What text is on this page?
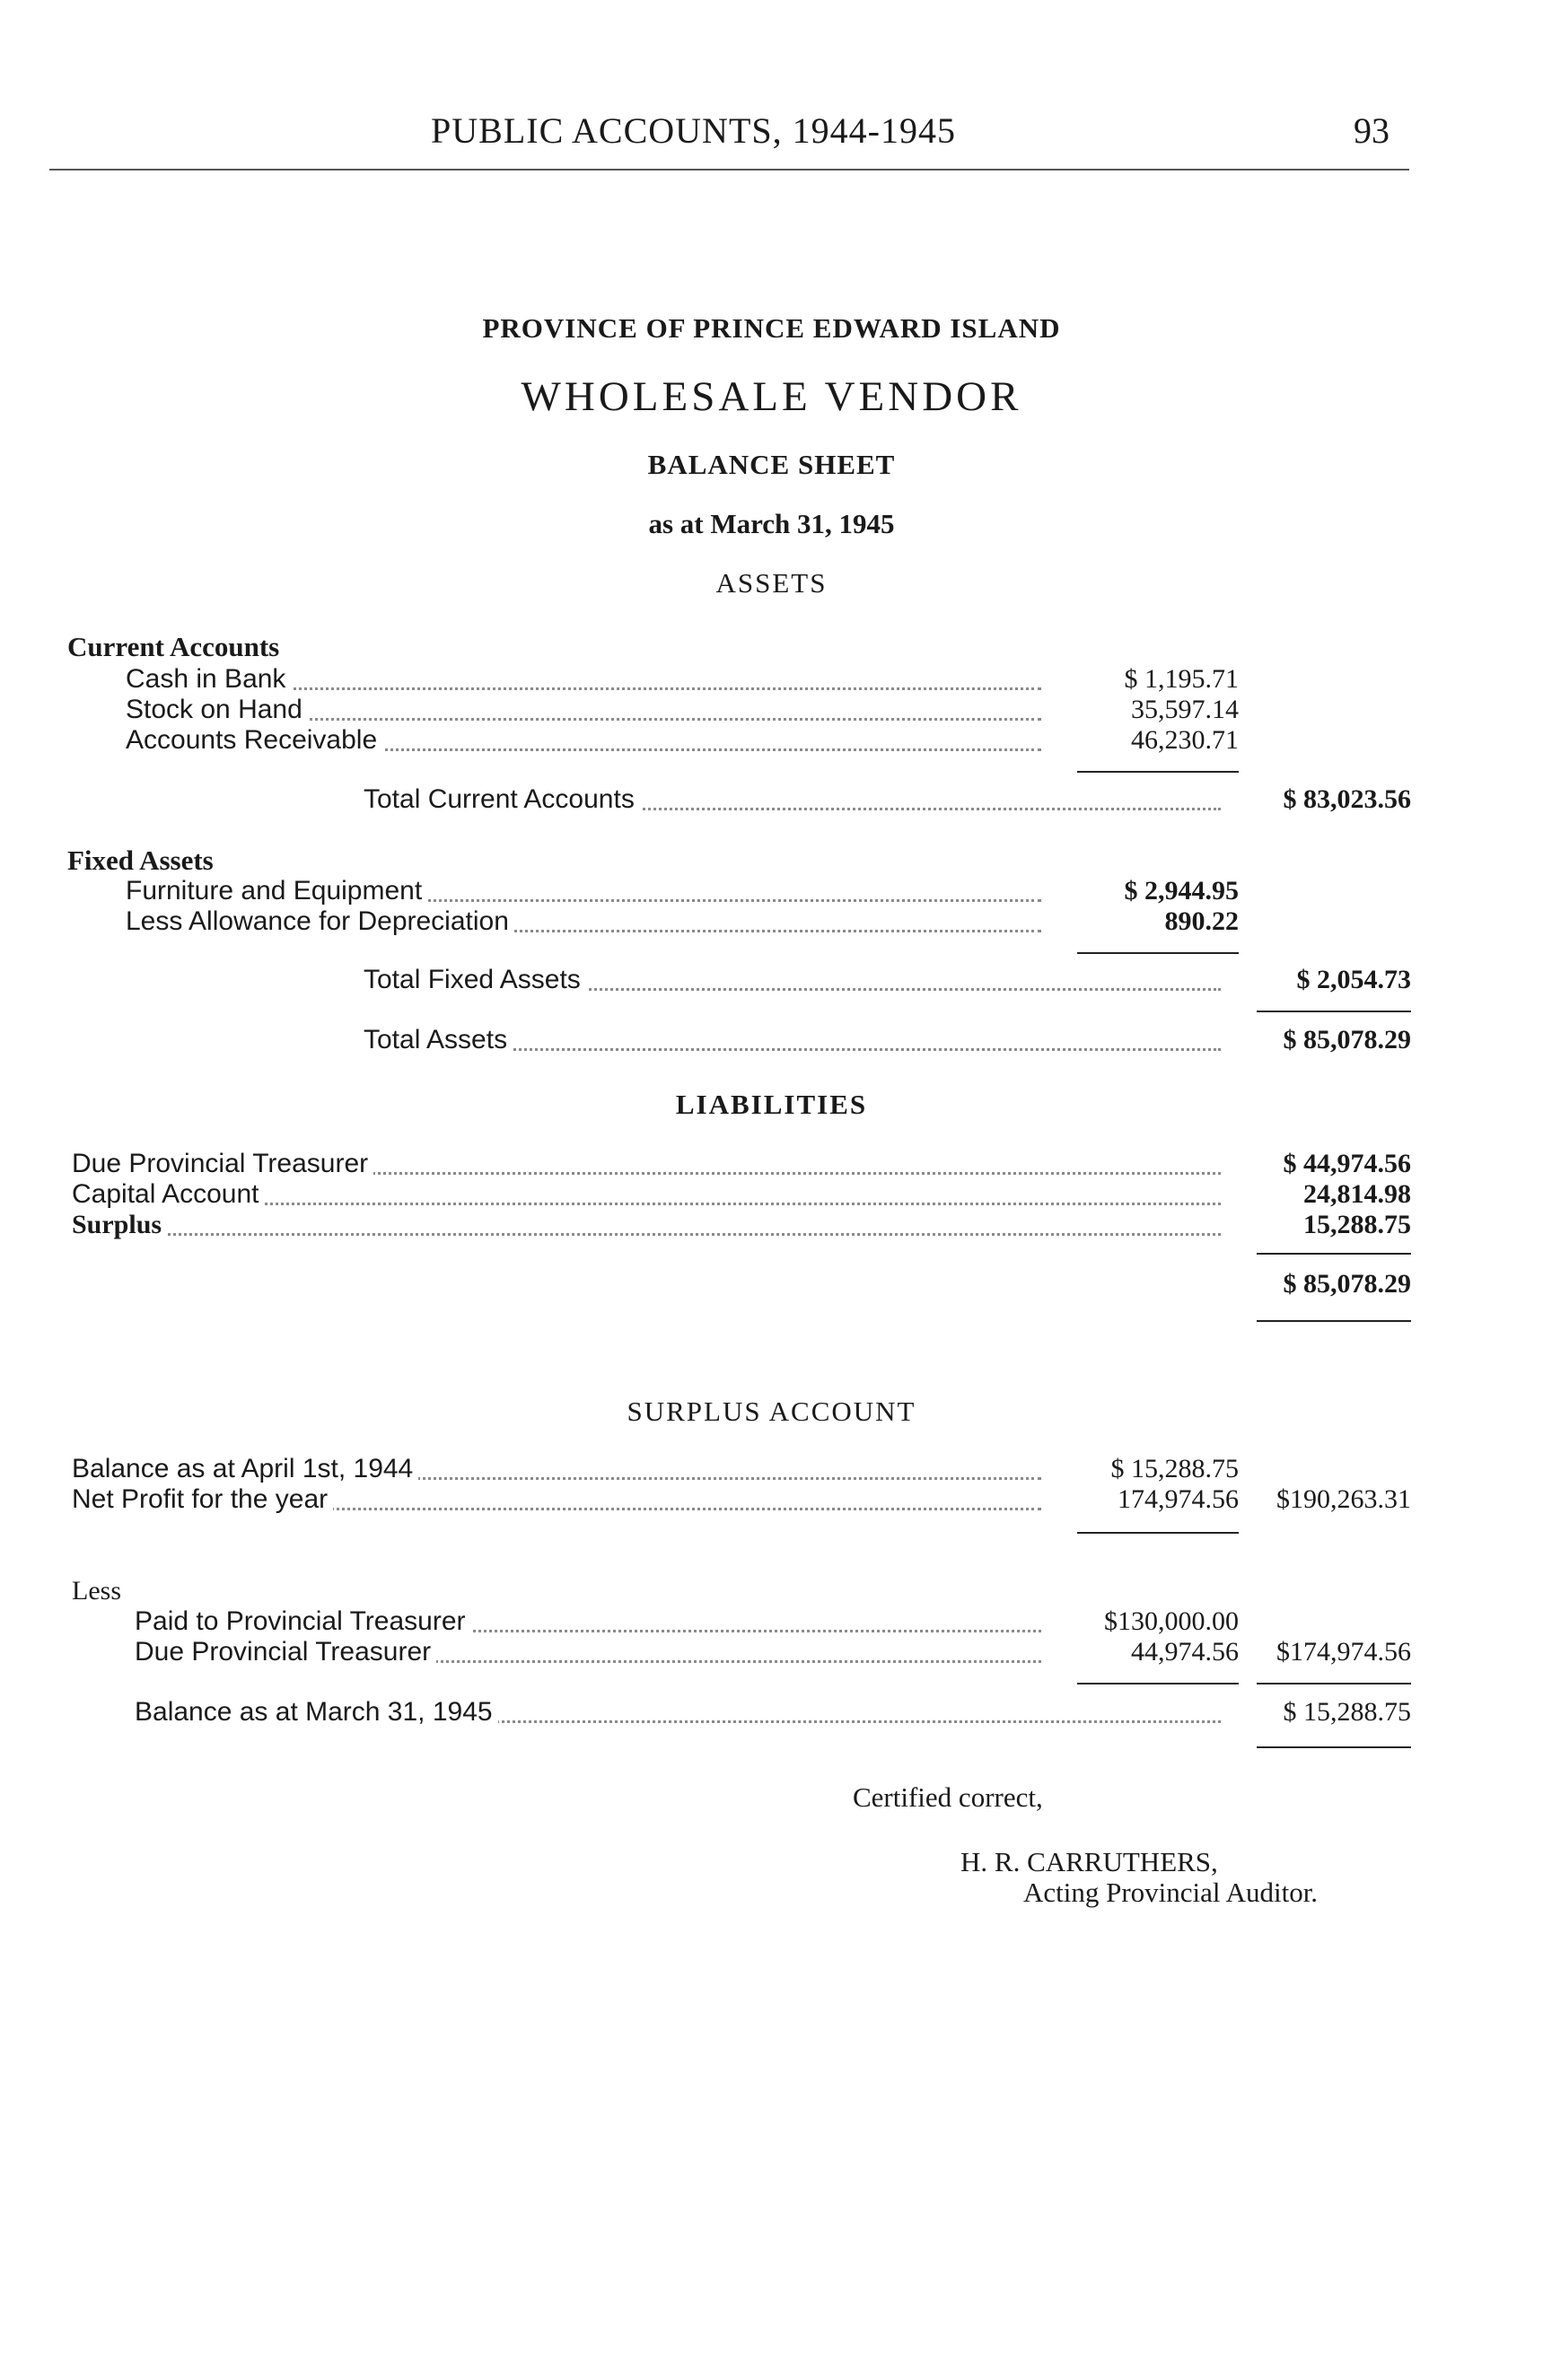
PUBLIC ACCOUNTS, 1944-1945	93
PROVINCE OF PRINCE EDWARD ISLAND
WHOLESALE VENDOR
BALANCE SHEET
as at March 31, 1945
ASSETS
Current Accounts
Cash in Bank	$ 1,195.71
Stock on Hand	35,597.14
Accounts Receivable	46,230.71
Total Current Accounts	$ 83,023.56
Fixed Assets
Furniture and Equipment	$ 2,944.95
Less Allowance for Depreciation	890.22
Total Fixed Assets	$ 2,054.73
Total Assets	$ 85,078.29
LIABILITIES
Due Provincial Treasurer	$ 44,974.56
Capital Account	24,814.98
Surplus	15,288.75
$ 85,078.29
SURPLUS ACCOUNT
Balance as at April 1st, 1944	$ 15,288.75
Net Profit for the year	174,974.56	$190,263.31
Less
Paid to Provincial Treasurer	$130,000.00
Due Provincial Treasurer	44,974.56	$174,974.56
Balance as at March 31, 1945	$ 15,288.75
Certified correct,
H. R. CARRUTHERS,
Acting Provincial Auditor.
